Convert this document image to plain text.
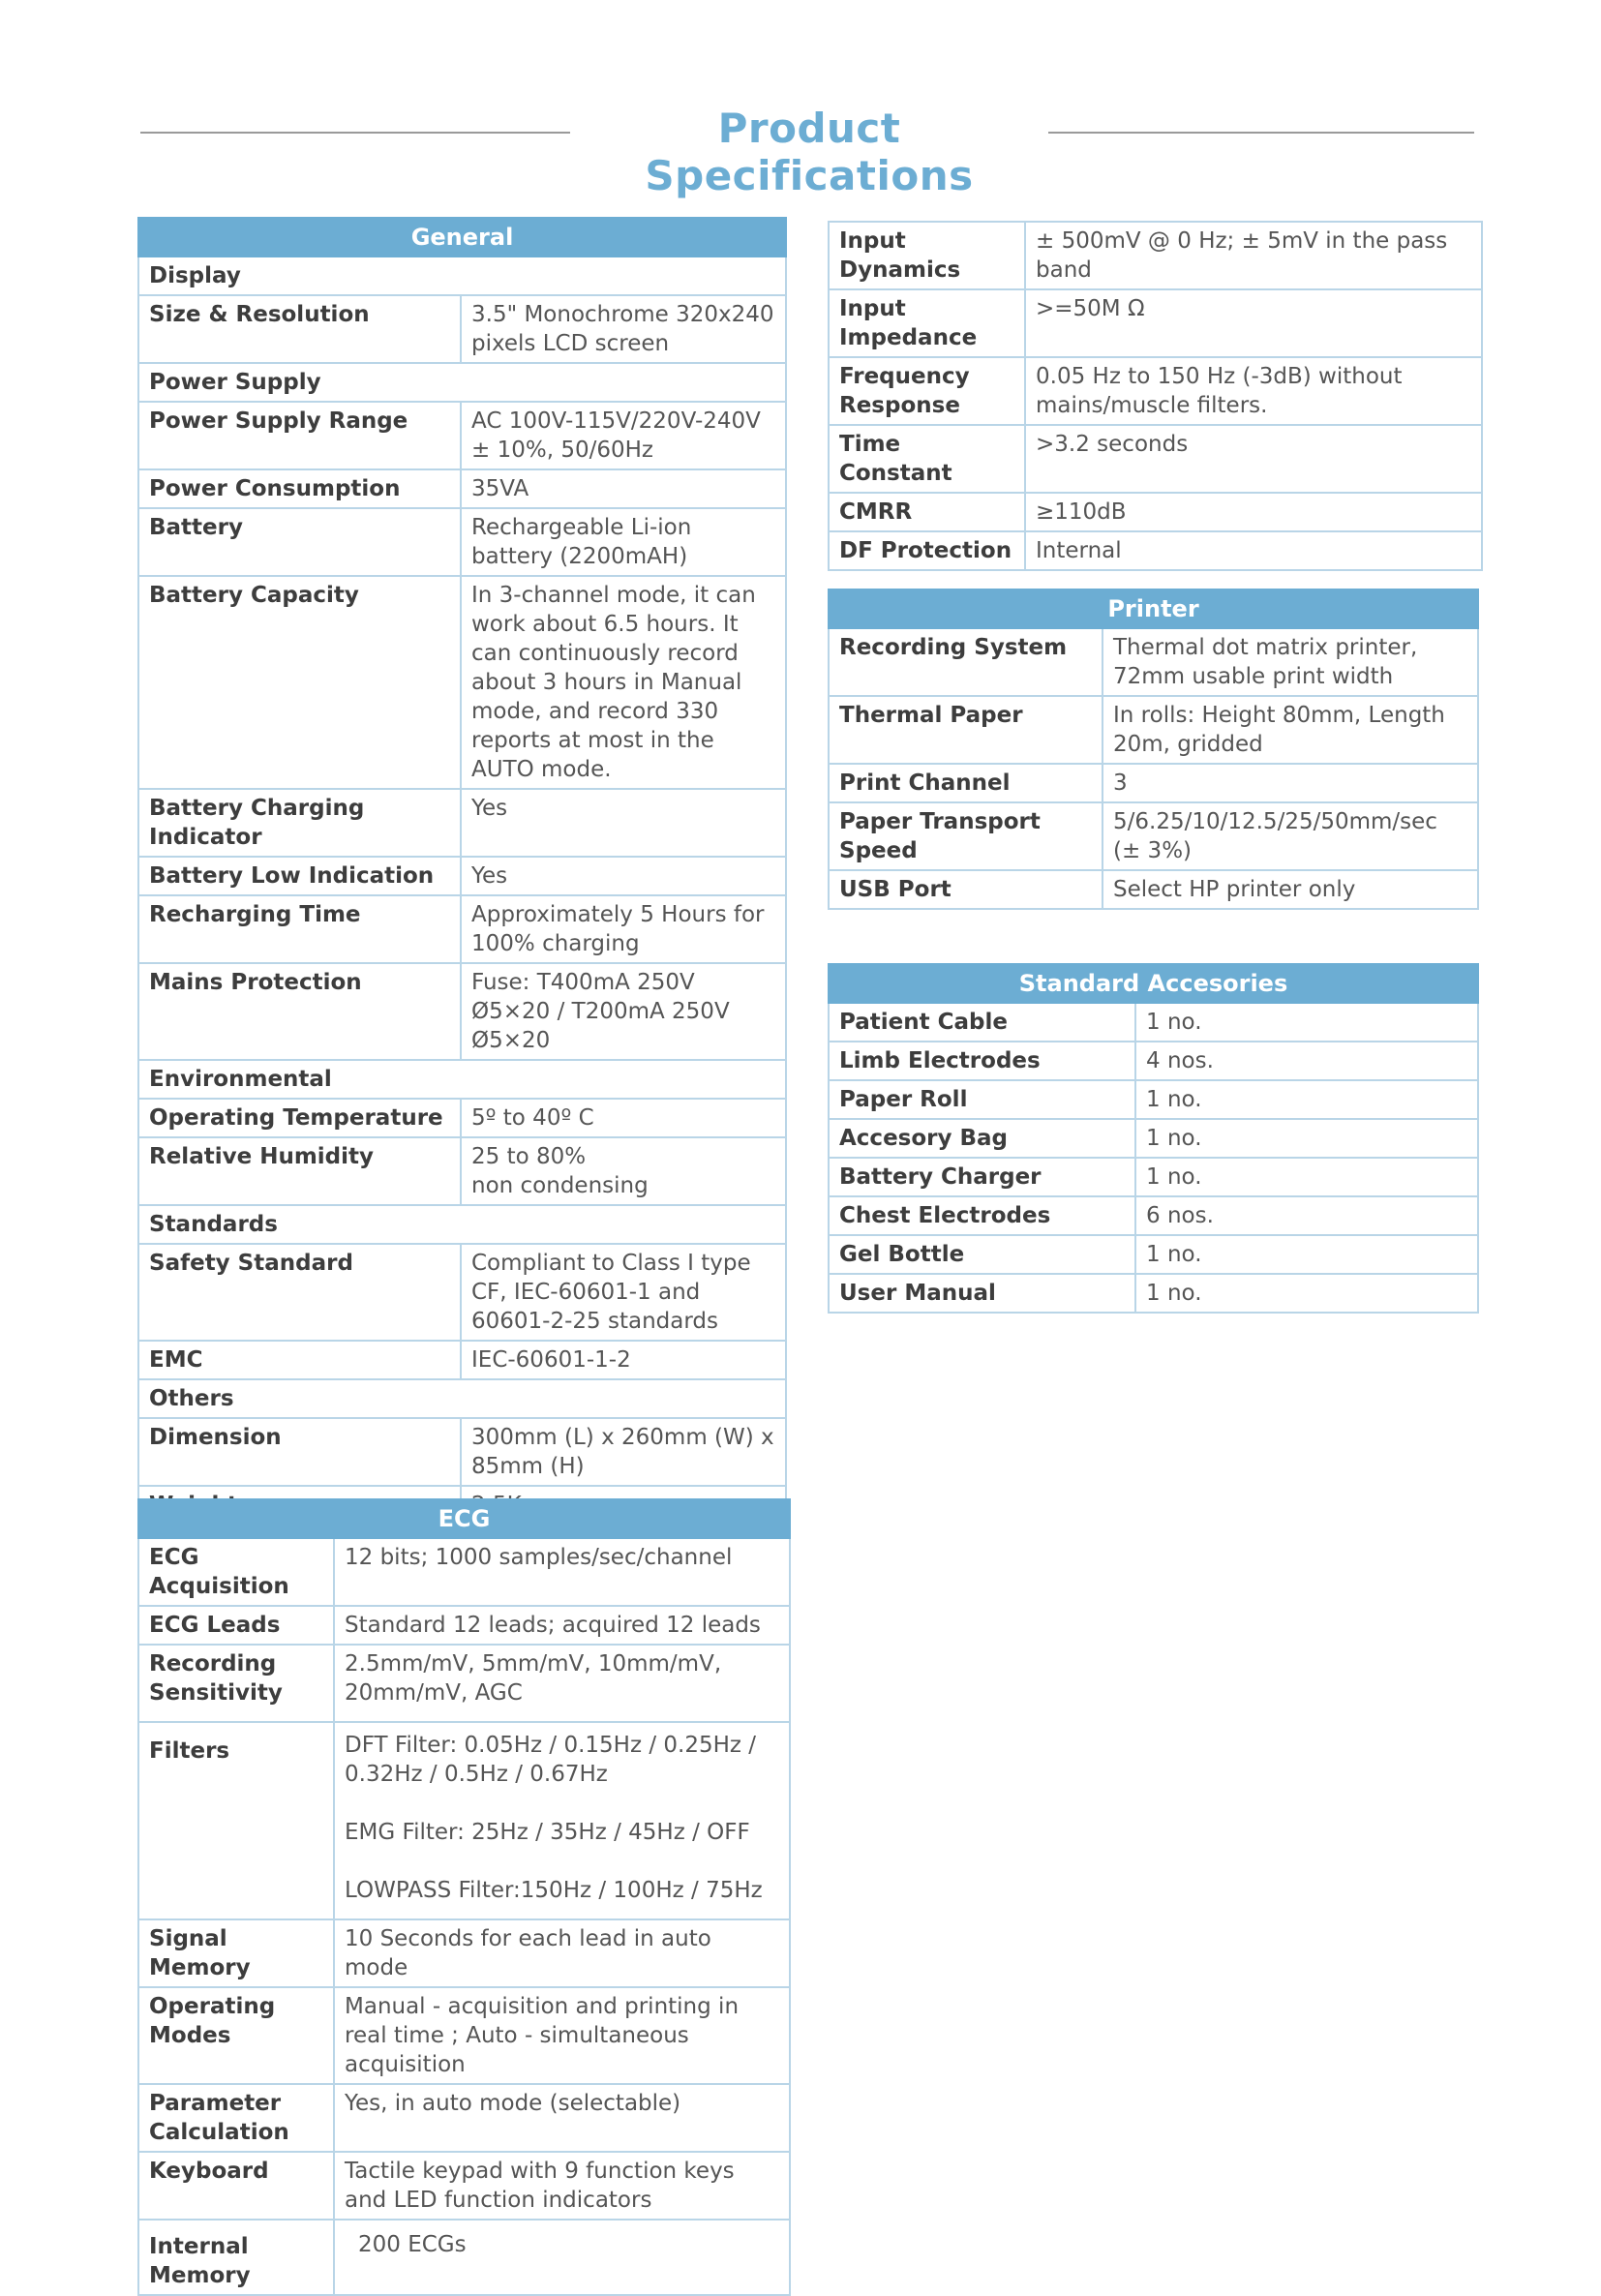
Product Specifications
General	
Display	
Size & Resolution	3.5" Monochrome 320x240 pixels LCD screen
Power Supply	
Power Supply Range	AC 100V-115V/220V-240V
± 10%, 50/60Hz
Power Consumption	35VA
Battery	Rechargeable Li-ion battery (2200mAH)
Battery Capacity	In 3-channel mode, it can work about 6.5 hours. It can continuously record about 3 hours in Manual mode, and record 330 reports at most in the AUTO mode.
Battery Charging Indicator	Yes
Battery Low Indication	Yes
Recharging Time	Approximately 5 Hours for 100% charging
Mains Protection	Fuse: T400mA 250V Ø5×20 / T200mA 250V Ø5×20
Environmental	
Operating Temperature	5º to 40º C
Relative Humidity	25 to 80%
non condensing
Standards	
Safety Standard	Compliant to Class I type CF, IEC-60601-1 and 60601-2-25 standards
EMC	IEC-60601-1-2
Others	
Dimension	300mm (L) x 260mm (W) x 85mm (H)

ECG	
ECG Acquisition	12 bits; 1000 samples/sec/channel
ECG Leads	Standard 12 leads; acquired 12 leads
Recording Sensitivity	2.5mm/mV, 5mm/mV, 10mm/mV, 20mm/mV, AGC
Filters	DFT Filter: 0.05Hz / 0.15Hz / 0.25Hz / 0.32Hz / 0.5Hz / 0.67Hz

EMG Filter: 25Hz / 35Hz / 45Hz / OFF

LOWPASS Filter:150Hz / 100Hz / 75Hz
Signal Memory	10 Seconds for each lead in auto mode
Operating Modes	Manual - acquisition and printing in real time ; Auto - simultaneous acquisition
Parameter Calculation	Yes, in auto mode (selectable)
Keyboard	Tactile keypad with 9 function keys and LED function indicators
Internal Memory	200 ECGs
Input Dynamics	± 500mV @ 0 Hz; ± 5mV in the pass band
Input Impedance	>=50M Ω
Frequency Response	0.05 Hz to 150 Hz (-3dB) without mains/muscle filters.
Time Constant	>3.2 seconds
CMRR	≥110dB
DF Protection	Internal
Printer	
Recording System	Thermal dot matrix printer, 72mm usable print width
Thermal Paper	In rolls: Height 80mm, Length 20m, gridded
Print Channel	3
Paper Transport Speed	5/6.25/10/12.5/25/50mm/sec (± 3%)
USB Port	Select HP printer only
Standard Accesories	
Patient Cable	1 no.
Limb Electrodes	4 nos.
Paper Roll	1 no.
Accesory Bag	1 no.
Battery Charger	1 no.
Chest Electrodes	6 nos.
Gel Bottle	1 no.
User Manual	1 no.
